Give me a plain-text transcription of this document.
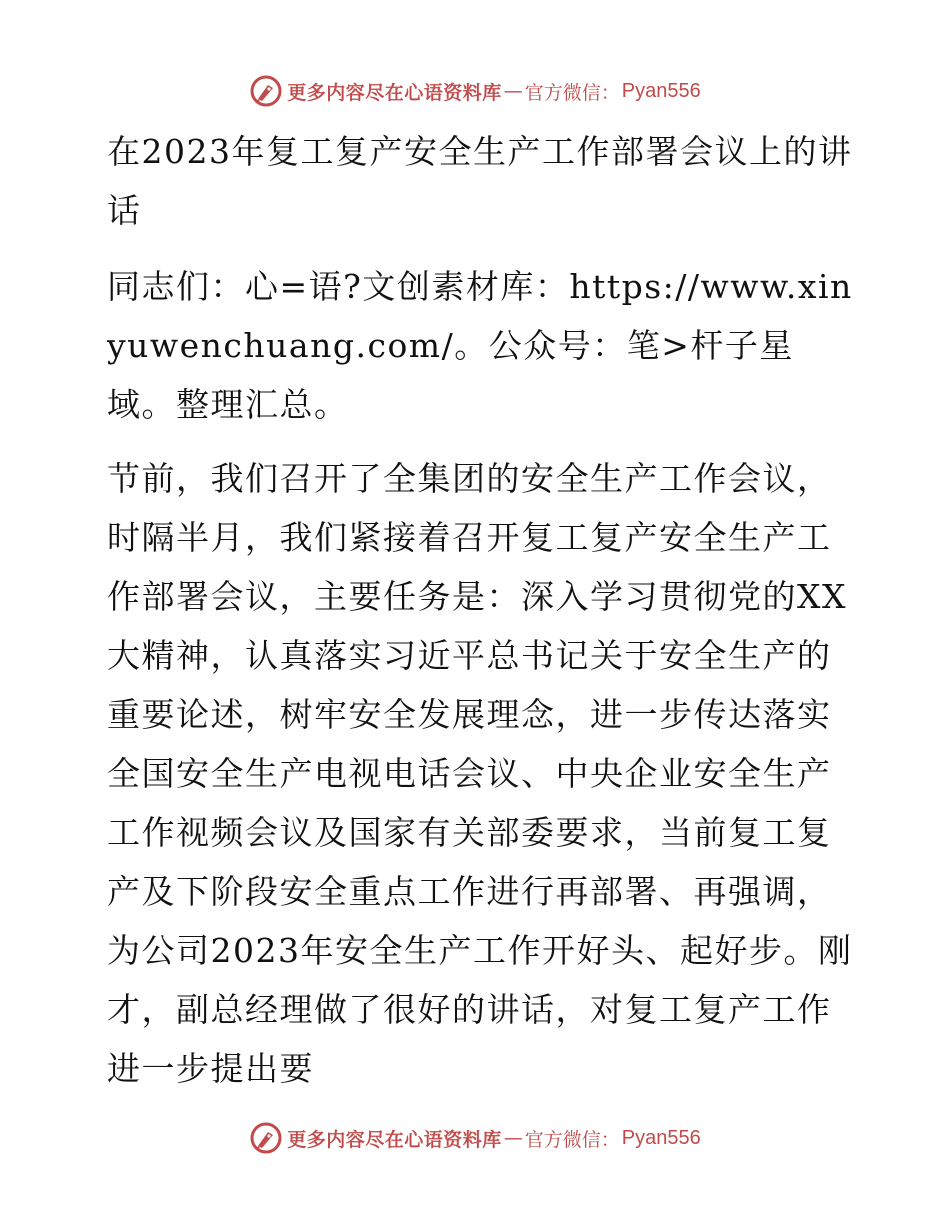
更多内容尽在心语资料库 — 官方微信： Pyan556

在2023年复工复产安全生产工作部署会议上的讲话

同志们：心=语?文创素材库：https://www.xinyuwenchuang.com/。公众号：笔>杆子星域。整理汇总。

节前，我们召开了全集团的安全生产工作会议，时隔半月，我们紧接着召开复工复产安全生产工作部署会议，主要任务是：深入学习贯彻党的XX大精神，认真落实习近平总书记关于安全生产的重要论述，树牢安全发展理念，进一步传达落实全国安全生产电视电话会议、中央企业安全生产工作视频会议及国家有关部委要求，当前复工复产及下阶段安全重点工作进行再部署、再强调，为公司2023年安全生产工作开好头、起好步。刚才，副总经理做了很好的讲话，对复工复产工作进一步提出要

更多内容尽在心语资料库 — 官方微信： Pyan556
